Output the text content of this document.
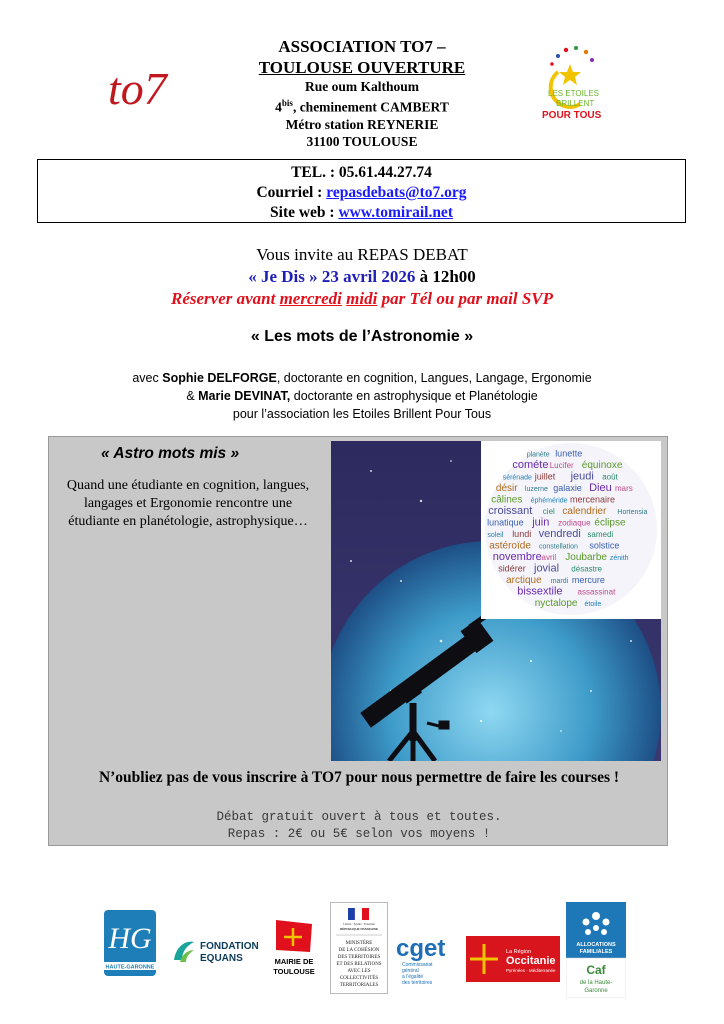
to7
ASSOCIATION TO7 –
TOULOUSE OUVERTURE
Rue oum Kalthoum
$4^{bis}$, cheminement CAMBERT
Métro station REYNERIE
31100 TOULOUSE
LES ETOILES
BRILLENT
POUR TOUS
TEL. : 05.61.44.27.74
Courriel : repasdebats@to7.org
Site web : www.tomirail.net
Vous invite au REPAS DEBAT
« Je Dis » 23 avril 2026 à 12h00
Réserver avant mercredi midi par Tél ou par mail SVP
« Les mots de l’Astronomie »
avec Sophie DELFORGE, doctorante en cognition, Langues, Langage, Ergonomie
& Marie DEVINAT, doctorante en astrophysique et Planétologie
pour l’association les Etoiles Brillent Pour Tous
« Astro mots mis »
Quand une étudiante en cognition, langues, langages et Ergonomie rencontre une étudiante en planétologie, astrophysique…
planète lunette
cométe Lucifer équinoxe
sérénade juillet jeudi août
désir luzerne galaxie Dieu mars
câlines éphéméride mercenaire
croissant ciel calendrier Hortensia
lunatique juin zodiaque éclipse
soleil lundi vendredi samedi
astéroïde constellation solstice
novembre avril Joubarbe zénith
sidérer jovial désastre
arctique mardi mercure
bissextile assassinat
nyctalope étoile
N’oubliez pas de vous inscrire à TO7 pour nous permettre de faire les courses !
Débat gratuit ouvert à tous et toutes.
Repas : 2€ ou 5€ selon vos moyens !
HG
HAUTE-GARONNE
FONDATION
EQUANS	MAIRIE DE
TOULOUSE
Liberté · Égalité · Fraternité
RÉPUBLIQUE FRANÇAISE
MINISTÈRE
DE LA COHÉSION
DES TERRITOIRES
ET DES RELATIONS
AVEC LES
COLLECTIVITÉS
TERRITORIALES
cget
Commissariat
général
à l'égalité
des territoires
La Région
Occitanie
Pyrénées · Méditerranée
ALLOCATIONS
FAMILIALES
Caf
de la Haute-
Garonne
